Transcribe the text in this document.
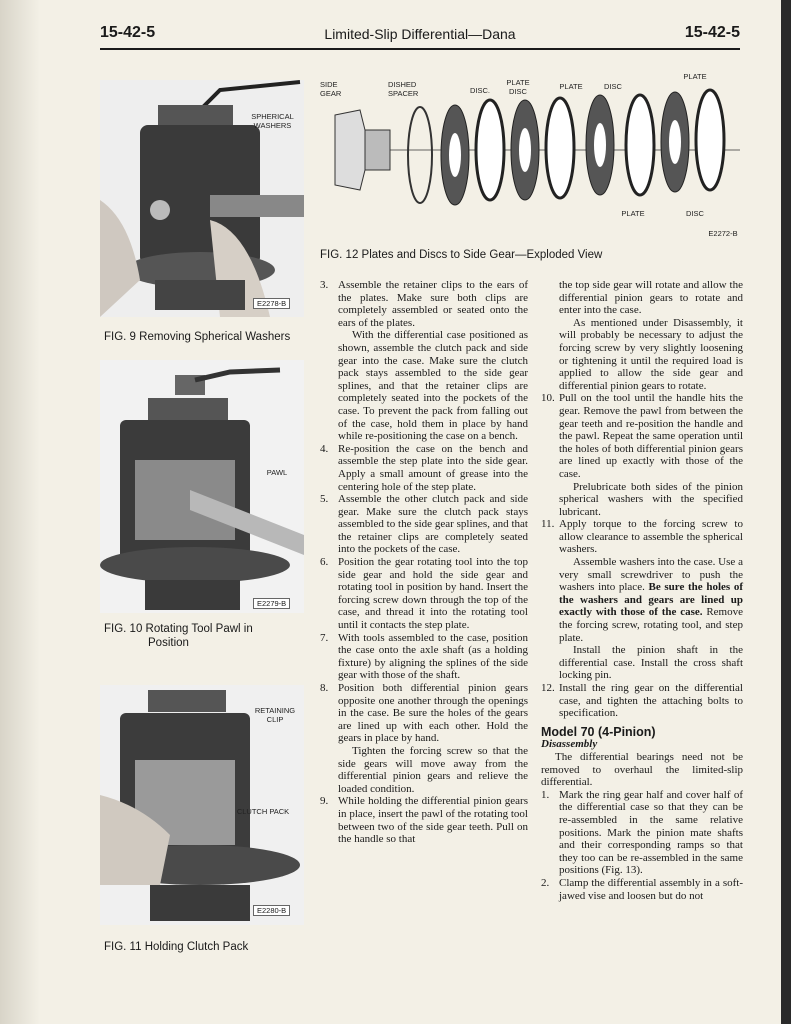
15-42-5	Limited-Slip Differential—Dana	15-42-5
SPHERICAL WASHERS
E2278-B
FIG. 9 Removing Spherical Washers
PAWL
E2279-B
FIG. 10 Rotating Tool Pawl in
Position
RETAINING CLIP
CLUTCH PACK
E2280-B
FIG. 11 Holding Clutch Pack
SIDE GEAR
DISHED SPACER	DISC.
PLATE DISC
PLATE	DISC
PLATE
PLATE	DISC
E2272-B
FIG. 12 Plates and Discs to Side Gear—Exploded View
3. Assemble the retainer clips to the ears of the plates. Make sure both clips are completely assembled or seated onto the ears of the plates.

With the differential case positioned as shown, assemble the clutch pack and side gear into the case. Make sure the clutch pack stays assembled to the side gear splines, and that the retainer clips are completely seated into the pockets of the case. To prevent the pack from falling out of the case, hold them in place by hand while re-positioning the case on a bench.

4. Re-position the case on the bench and assemble the step plate into the side gear. Apply a small amount of grease into the centering hole of the step plate.
5. Assemble the other clutch pack and side gear. Make sure the clutch pack stays assembled to the side gear splines, and that the retainer clips are completely seated into the pockets of the case.
6. Position the gear rotating tool into the top side gear and hold the side gear and rotating tool in position by hand. Insert the forcing screw down through the top of the case, and thread it into the rotating tool until it contacts the step plate.
7. With tools assembled to the case, position the case onto the axle shaft (as a holding fixture) by aligning the splines of the side gear with those of the shaft.
8. Position both differential pinion gears opposite one another through the openings in the case. Be sure the holes of the gears are lined up with each other. Hold the gears in place by hand.

Tighten the forcing screw so that the side gears will move away from the differential pinion gears and relieve the loaded condition.

9. While holding the differential pinion gears in place, insert the pawl of the rotating tool between two of the side gear teeth. Pull on the handle so that

the top side gear will rotate and allow the differential pinion gears to rotate and enter into the case.

As mentioned under Disassembly, it will probably be necessary to adjust the forcing screw by very slightly loosening or tightening it until the required load is applied to allow the side gear and differential pinion gears to rotate.

10. Pull on the tool until the handle hits the gear. Remove the pawl from between the gear teeth and re-position the handle and the pawl. Repeat the same operation until the holes of both differential pinion gears are lined up exactly with those of the case.

Prelubricate both sides of the pinion spherical washers with the specified lubricant.

11. Apply torque to the forcing screw to allow clearance to assemble the spherical washers.

Assemble washers into the case. Use a very small screwdriver to push the washers into place. Be sure the holes of the washers and gears are lined up exactly with those of the case. Remove the forcing screw, rotating tool, and step plate.

Install the pinion shaft in the differential case. Install the cross shaft locking pin.

12. Install the ring gear on the differential case, and tighten the attaching bolts to specification.
Model 70 (4-Pinion)
Disassembly

The differential bearings need not be removed to overhaul the limited-slip differential.

1. Mark the ring gear half and cover half of the differential case so that they can be re-assembled in the same relative positions. Mark the pinion mate shafts and their corresponding ramps so that they too can be re-assembled in the same positions (Fig. 13).
2. Clamp the differential assembly in a soft-jawed vise and loosen but do not
